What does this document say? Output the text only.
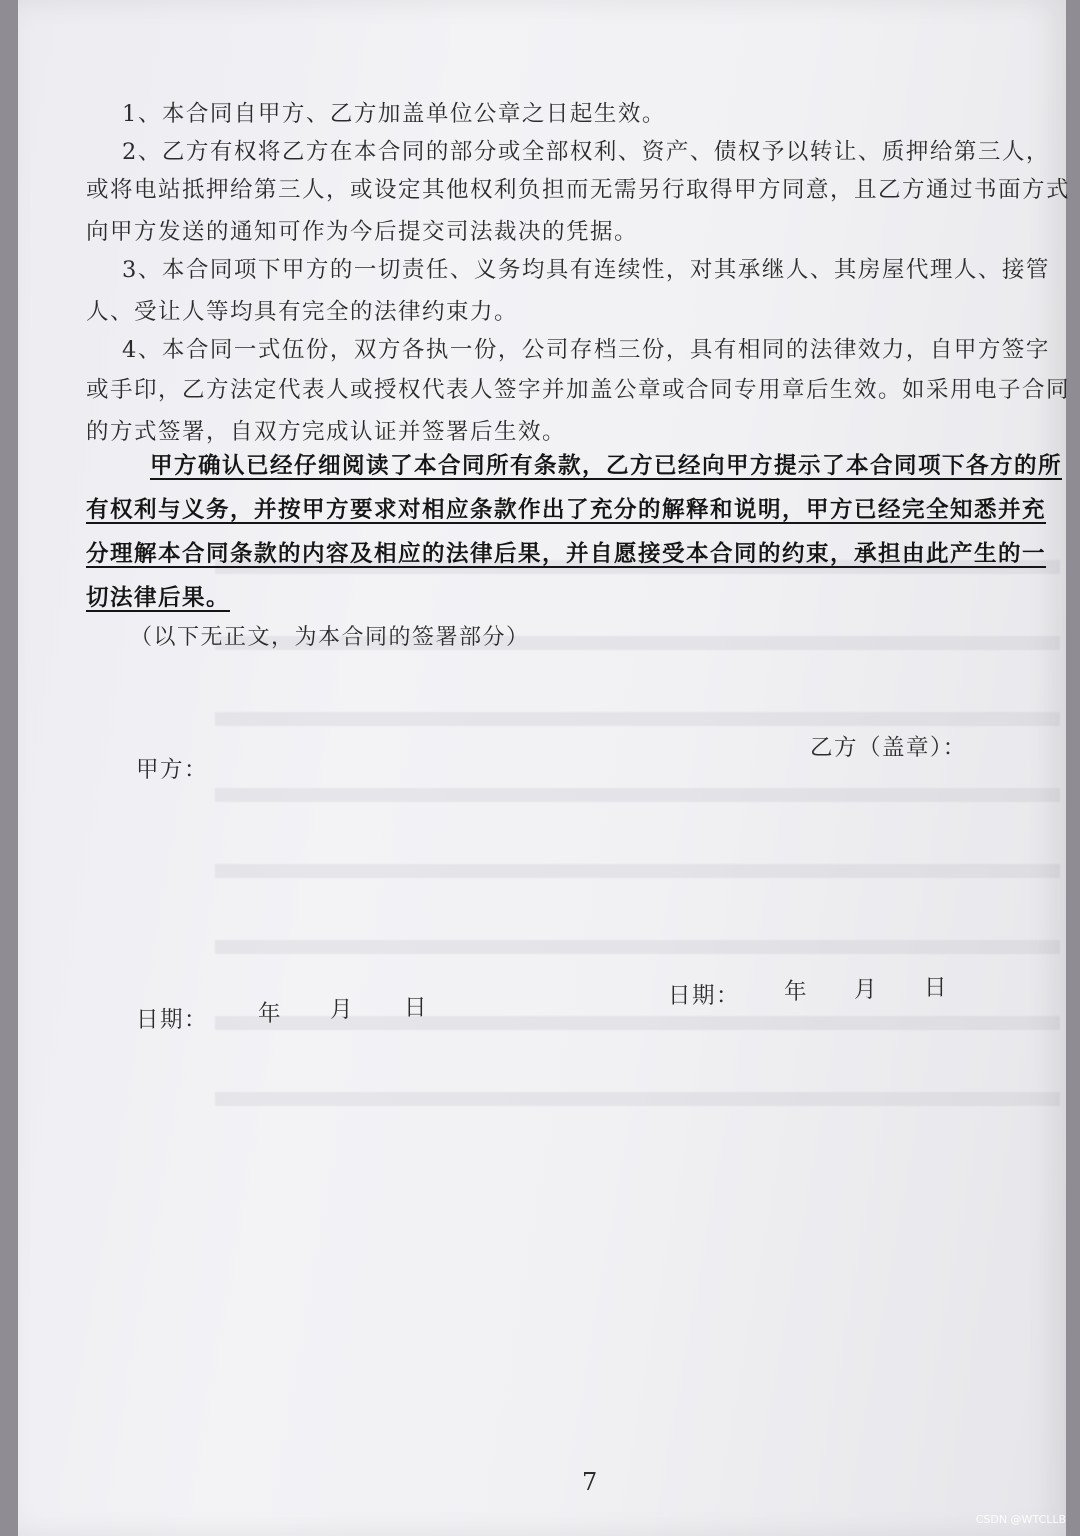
1、本合同自甲方、乙方加盖单位公章之日起生效。
2、乙方有权将乙方在本合同的部分或全部权利、资产、债权予以转让、质押给第三人，
或将电站抵押给第三人，或设定其他权利负担而无需另行取得甲方同意，且乙方通过书面方式
向甲方发送的通知可作为今后提交司法裁决的凭据。
3、本合同项下甲方的一切责任、义务均具有连续性，对其承继人、其房屋代理人、接管
人、受让人等均具有完全的法律约束力。
4、本合同一式伍份，双方各执一份，公司存档三份，具有相同的法律效力，自甲方签字
或手印，乙方法定代表人或授权代表人签字并加盖公章或合同专用章后生效。如采用电子合同
的方式签署，自双方完成认证并签署后生效。
甲方确认已经仔细阅读了本合同所有条款，乙方已经向甲方提示了本合同项下各方的所
有权利与义务，并按甲方要求对相应条款作出了充分的解释和说明，甲方已经完全知悉并充
分理解本合同条款的内容及相应的法律后果，并自愿接受本合同的约束，承担由此产生的一
切法律后果。
（以下无正文，为本合同的签署部分）
甲方：
乙方（盖章）：
日期：	年	月	日	日期：	年	月	日
7
CSDN @WTCLLB
